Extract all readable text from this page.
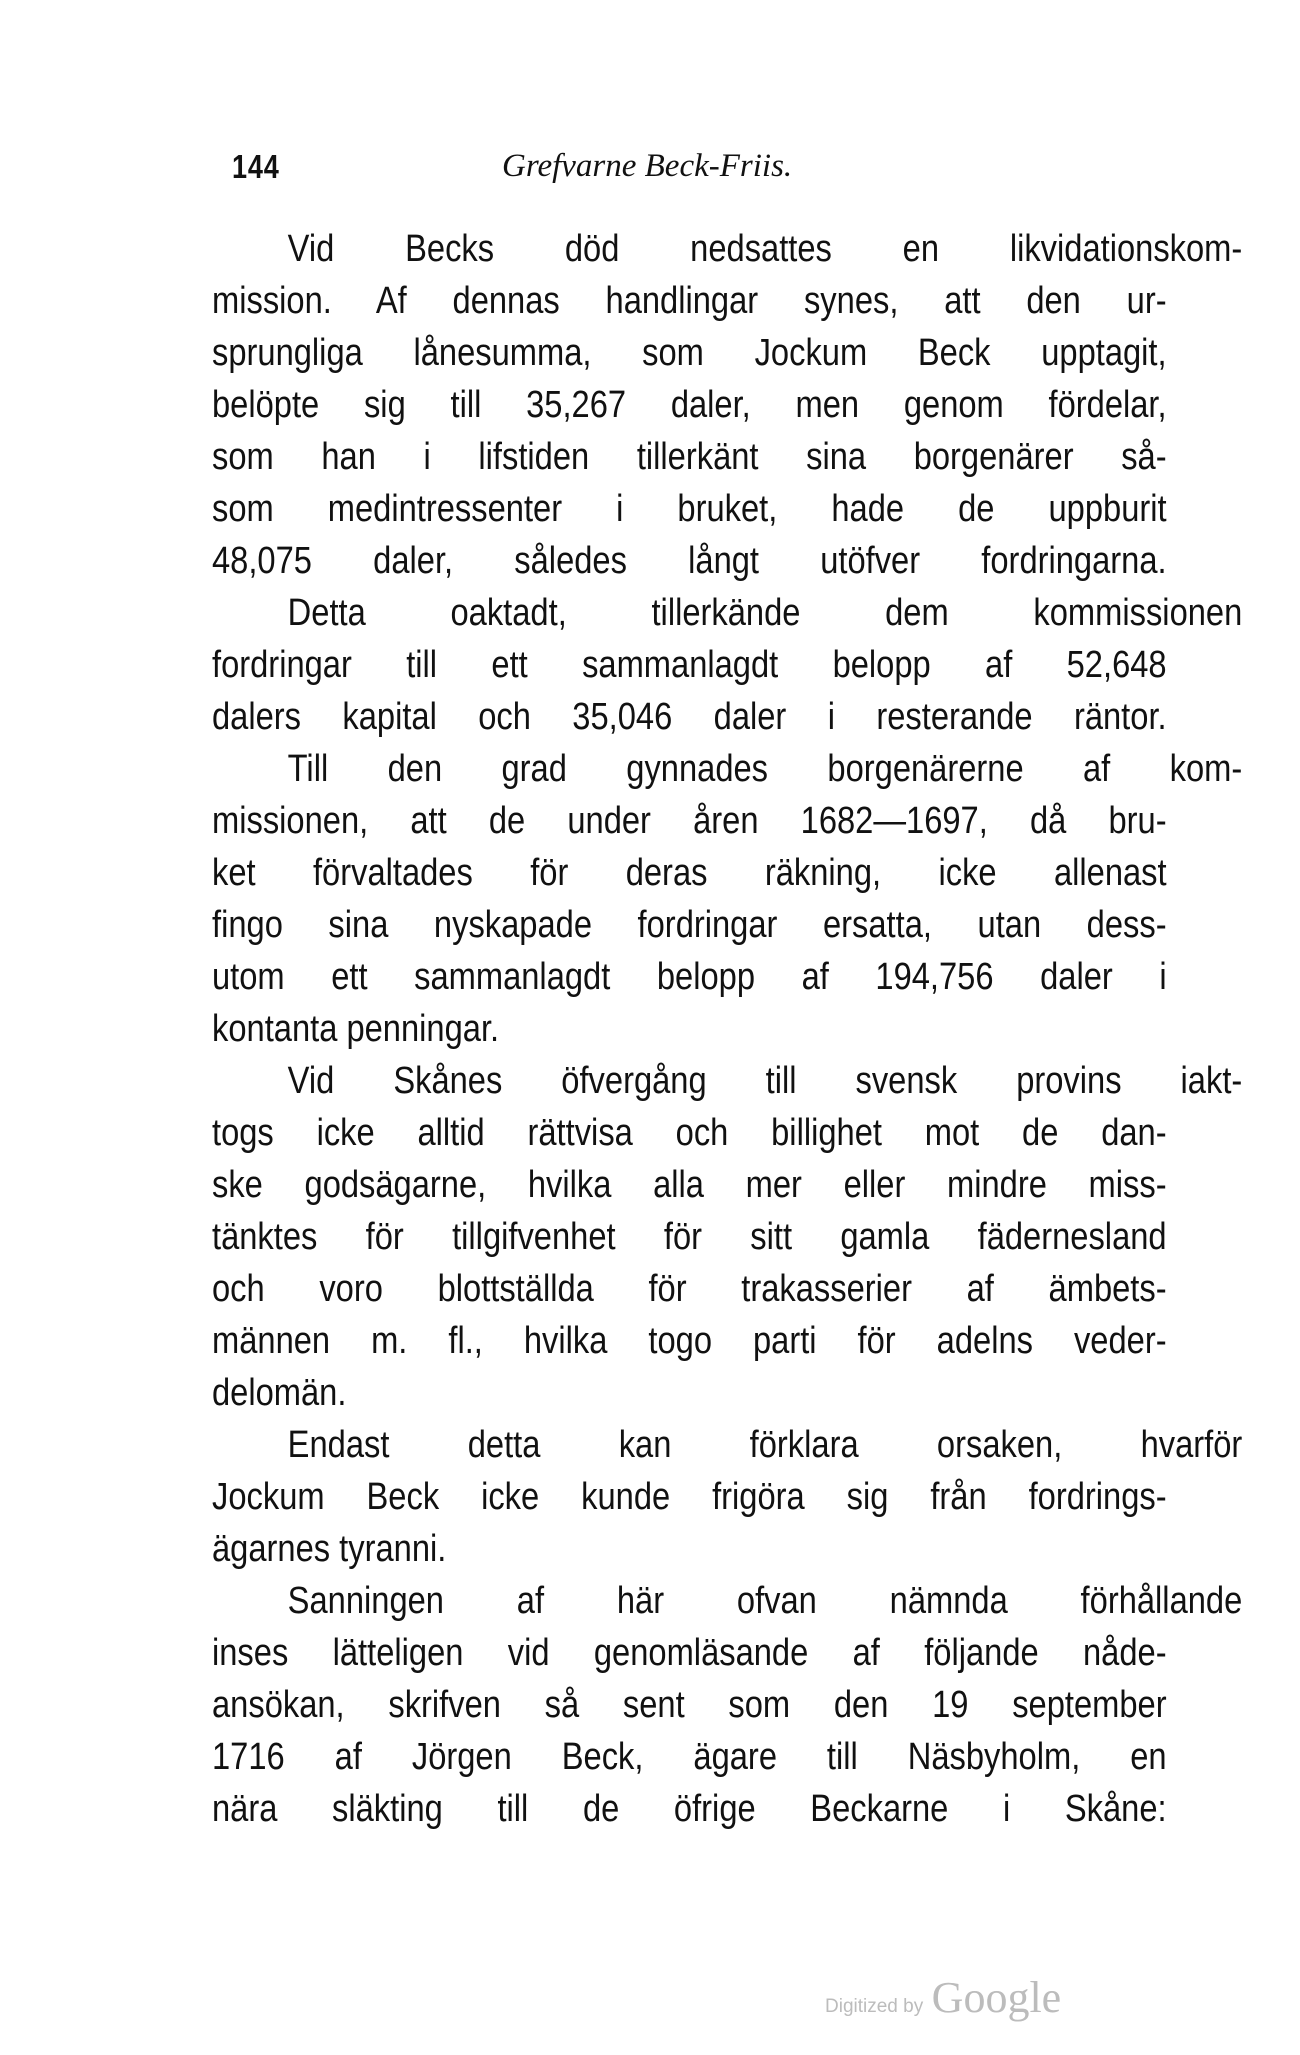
144	Grefvarne Beck-Friis.
Vid Becks död nedsattes en likvidationskom-
mission. Af dennas handlingar synes, att den ur-
sprungliga lånesumma, som Jockum Beck upptagit,
belöpte sig till 35,267 daler, men genom fördelar,
som han i lifstiden tillerkänt sina borgenärer så-
som medintressenter i bruket, hade de uppburit
48,075 daler, således långt utöfver fordringarna.
Detta oaktadt, tillerkände dem kommissionen
fordringar till ett sammanlagdt belopp af 52,648
dalers kapital och 35,046 daler i resterande räntor.
Till den grad gynnades borgenärerne af kom-
missionen, att de under åren 1682—1697, då bru-
ket förvaltades för deras räkning, icke allenast
fingo sina nyskapade fordringar ersatta, utan dess-
utom ett sammanlagdt belopp af 194,756 daler i
kontanta penningar.
Vid Skånes öfvergång till svensk provins iakt-
togs icke alltid rättvisa och billighet mot de dan-
ske godsägarne, hvilka alla mer eller mindre miss-
tänktes för tillgifvenhet för sitt gamla fädernesland
och voro blottställda för trakasserier af ämbets-
männen m. fl., hvilka togo parti för adelns veder-
delomän.
Endast detta kan förklara orsaken, hvarför
Jockum Beck icke kunde frigöra sig från fordrings-
ägarnes tyranni.
Sanningen af här ofvan nämnda förhållande
inses lätteligen vid genomläsande af följande nåde-
ansökan, skrifven så sent som den 19 september
1716 af Jörgen Beck, ägare till Näsbyholm, en
nära släkting till de öfrige Beckarne i Skåne:
Digitized by Google
